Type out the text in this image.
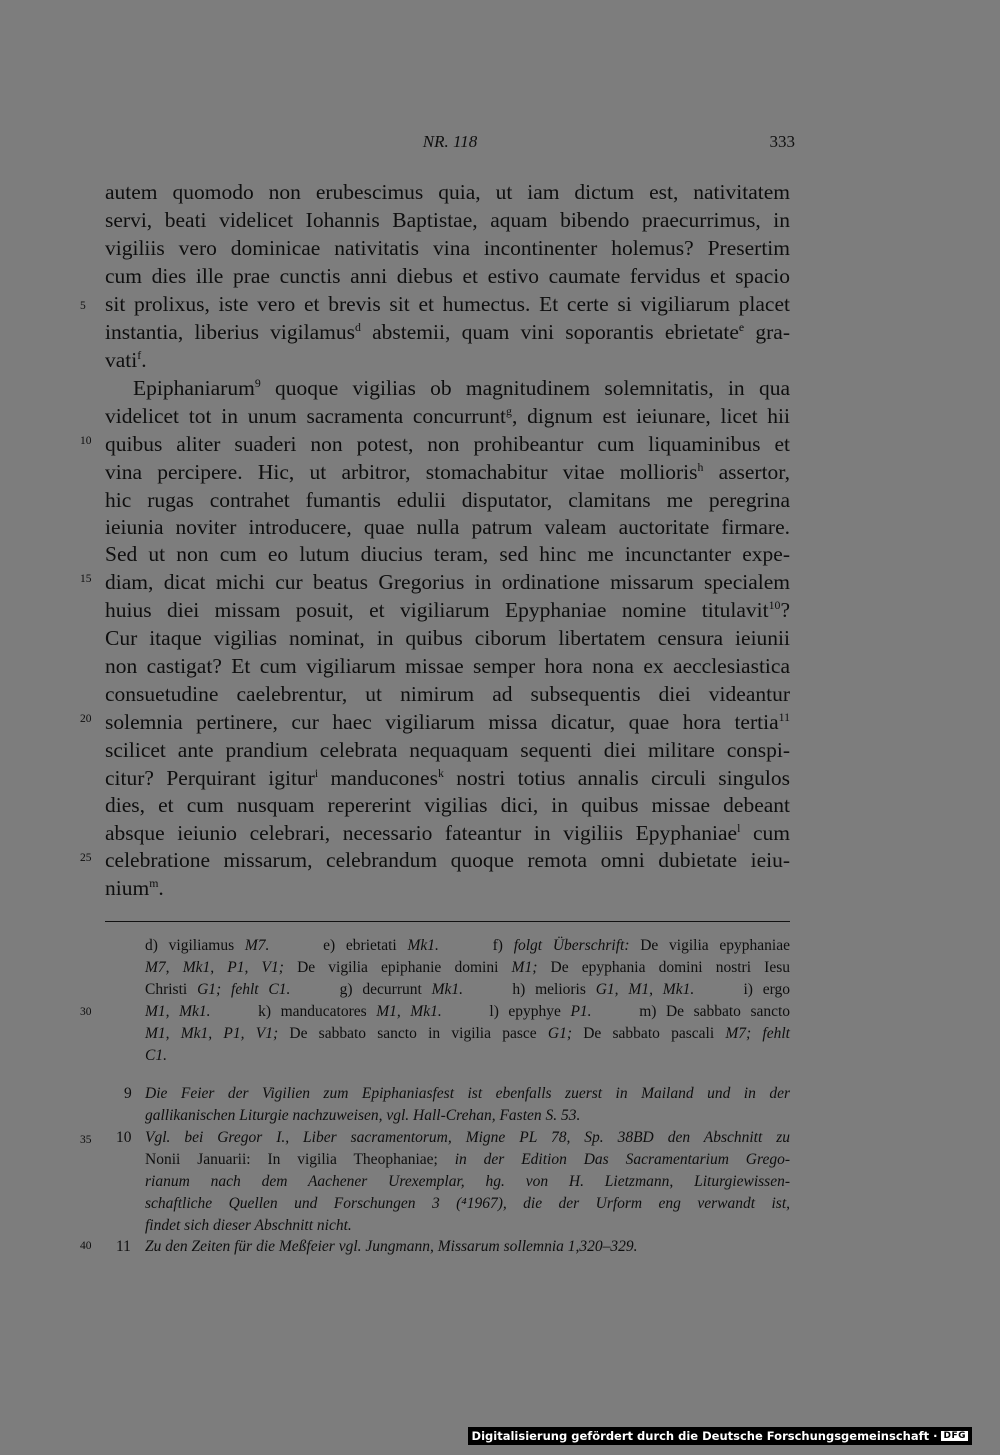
NR. 118	333
5
10
15
20
25
30
35
40
autem quomodo non erubescimus quia, ut iam dictum est, nativitatem
servi, beati videlicet Iohannis Baptistae, aquam bibendo praecurrimus, in
vigiliis vero dominicae nativitatis vina incontinenter holemus? Presertim
cum dies ille prae cunctis anni diebus et estivo caumate fervidus et spacio
sit prolixus, iste vero et brevis sit et humectus. Et certe si vigiliarum placet
instantia, liberius vigilamus$^d$ abstemii, quam vini soporantis ebrietate$^e$ gra-
vati$^f$.
Epiphaniarum$^9$ quoque vigilias ob magnitudinem solemnitatis, in qua
videlicet tot in unum sacramenta concurrunt$^g$, dignum est ieiunare, licet hii
quibus aliter suaderi non potest, non prohibeantur cum liquaminibus et
vina percipere. Hic, ut arbitror, stomachabitur vitae mollioris$^h$ assertor,
hic rugas contrahet fumantis edulii disputator, clamitans me peregrina
ieiunia noviter introducere, quae nulla patrum valeam auctoritate firmare.
Sed ut non cum eo lutum diucius teram, sed hinc me incunctanter expe-
diam, dicat michi cur beatus Gregorius in ordinatione missarum specialem
huius diei missam posuit, et vigiliarum Epyphaniae nomine titulavit$^{10}$?
Cur itaque vigilias nominat, in quibus ciborum libertatem censura ieiunii
non castigat? Et cum vigiliarum missae semper hora nona ex aecclesiastica
consuetudine caelebrentur, ut nimirum ad subsequentis diei videantur
solemnia pertinere, cur haec vigiliarum missa dicatur, quae hora tertia$^{11}$
scilicet ante prandium celebrata nequaquam sequenti diei militare conspi-
citur? Perquirant igitur$^i$ manducones$^k$ nostri totius annalis circuli singulos
dies, et cum nusquam repererint vigilias dici, in quibus missae debeant
absque ieiunio celebrari, necessario fateantur in vigiliis Epyphaniae$^l$ cum
celebratione missarum, celebrandum quoque remota omni dubietate ieiu-
nium$^m$.
d) vigiliamus M7.	e) ebrietati Mk1.	f) folgt Überschrift: De vigilia epyphaniae
M7, Mk1, P1, V1; De vigilia epiphanie domini M1; De epyphania domini nostri Iesu
Christi G1; fehlt C1.	g) decurrunt Mk1.	h) melioris G1, M1, Mk1.	i) ergo
M1, Mk1.	k) manducatores M1, Mk1.	l) epyphye P1.	m) De sabbato sancto
M1, Mk1, P1, V1; De sabbato sancto in vigilia pasce G1; De sabbato pascali M7; fehlt
C1.
9 Die Feier der Vigilien zum Epiphaniasfest ist ebenfalls zuerst in Mailand und in der
gallikanischen Liturgie nachzuweisen, vgl. Hall-Crehan, Fasten S. 53.
10 Vgl. bei Gregor I., Liber sacramentorum, Migne PL 78, Sp. 38BD den Abschnitt zu
Nonii Januarii: In vigilia Theophaniae; in der Edition Das Sacramentarium Grego-
rianum nach dem Aachener Urexemplar, hg. von H. Lietzmann, Liturgiewissen-
schaftliche Quellen und Forschungen 3 (⁴1967), die der Urform eng verwandt ist,
findet sich dieser Abschnitt nicht.
11 Zu den Zeiten für die Meßfeier vgl. Jungmann, Missarum sollemnia 1,320–329.
Digitalisierung gefördert durch die Deutsche Forschungsgemeinschaft · DFG
